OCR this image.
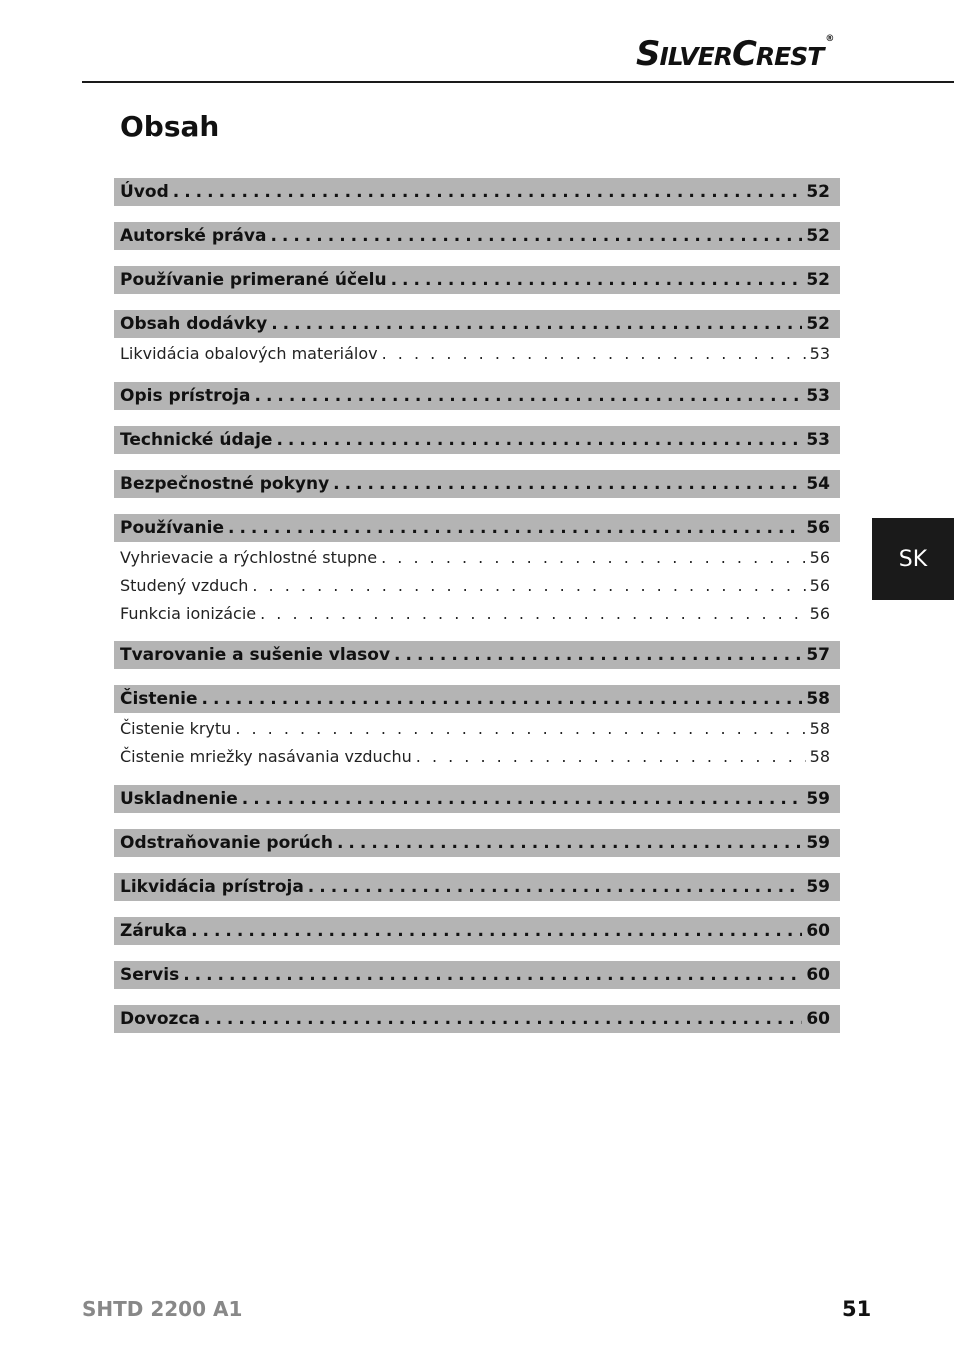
SILVERCREST®
Obsah
Úvod .....	52
Autorské práva .....	52
Používanie primerané účelu .....	52
Obsah dodávky .....	52
Likvidácia obalových materiálov . . .	53
Opis prístroja .....	53
Technické údaje .....	53
Bezpečnostné pokyny .....	54
Používanie .....	56
Vyhrievacie a rýchlostné stupne . . .	56
Studený vzduch . . .	56
Funkcia ionizácie . . .	56
Tvarovanie a sušenie vlasov .....	57
Čistenie .....	58
Čistenie krytu . . .	58
Čistenie mriežky nasávania vzduchu . . .	58
Uskladnenie .....	59
Odstraňovanie porúch .....	59
Likvidácia prístroja .....	59
Záruka .....	60
Servis .....	60
Dovozca .....	60
SK
SHTD 2200 A1	51
